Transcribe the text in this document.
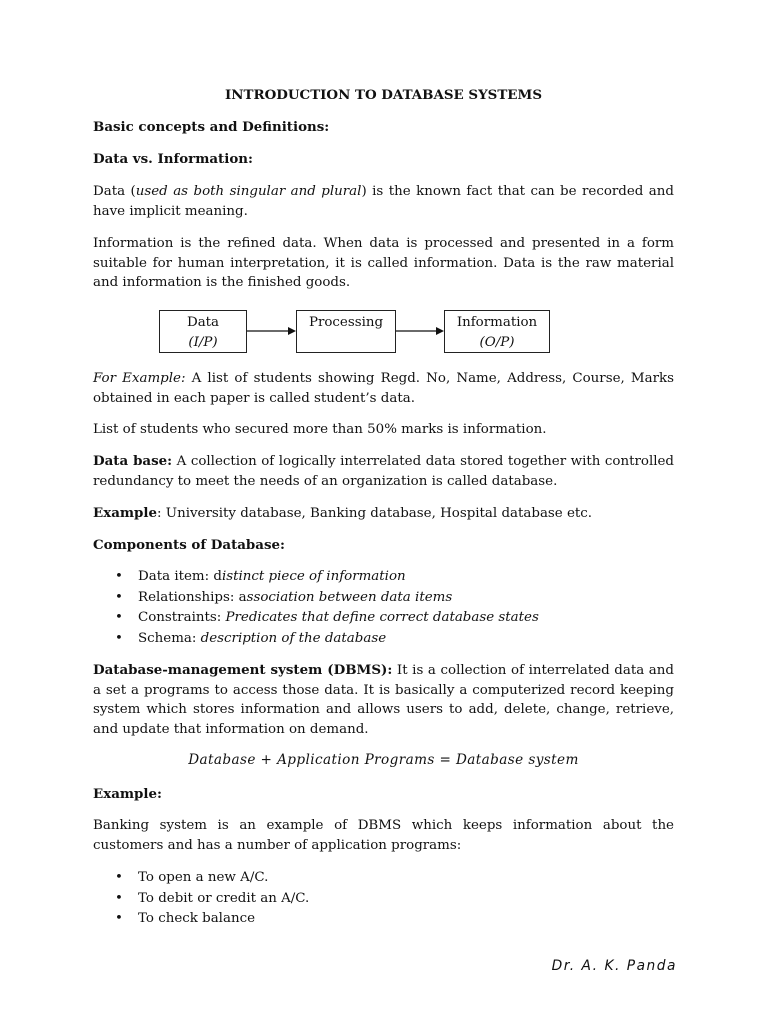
INTRODUCTION TO DATABASE SYSTEMS
Basic concepts and Definitions:
Data vs. Information:

Data (used as both singular and plural) is the known fact that can be recorded and have implicit meaning.

Information is the refined data. When data is processed and presented in a form suitable for human interpretation, it is called information. Data is the raw material and information is the finished goods.

For Example: A list of students showing Regd. No, Name, Address, Course, Marks obtained in each paper is called student’s data.

List of students who secured more than 50% marks is information.

Data base: A collection of logically interrelated data stored together with controlled redundancy to meet the needs of an organization is called database.

Example: University database, Banking database, Hospital database etc.
Components of Database:
• Data item: distinct piece of information
• Relationships: association between data items
• Constraints: Predicates that define correct database states
• Schema: description of the database

Database-management system (DBMS): It is a collection of interrelated data and a set a programs to access those data. It is basically a computerized record keeping system which stores information and allows users to add, delete, change, retrieve, and update that information on demand.

Database + Application Programs = Database system
Example:

Banking system is an example of DBMS which keeps information about the customers and has a number of application programs:

• To open a new A/C.
• To debit or credit an A/C.
• To check balance
Data
(I/P)
Processing	Information
(O/P)
Dr. A. K. Panda
